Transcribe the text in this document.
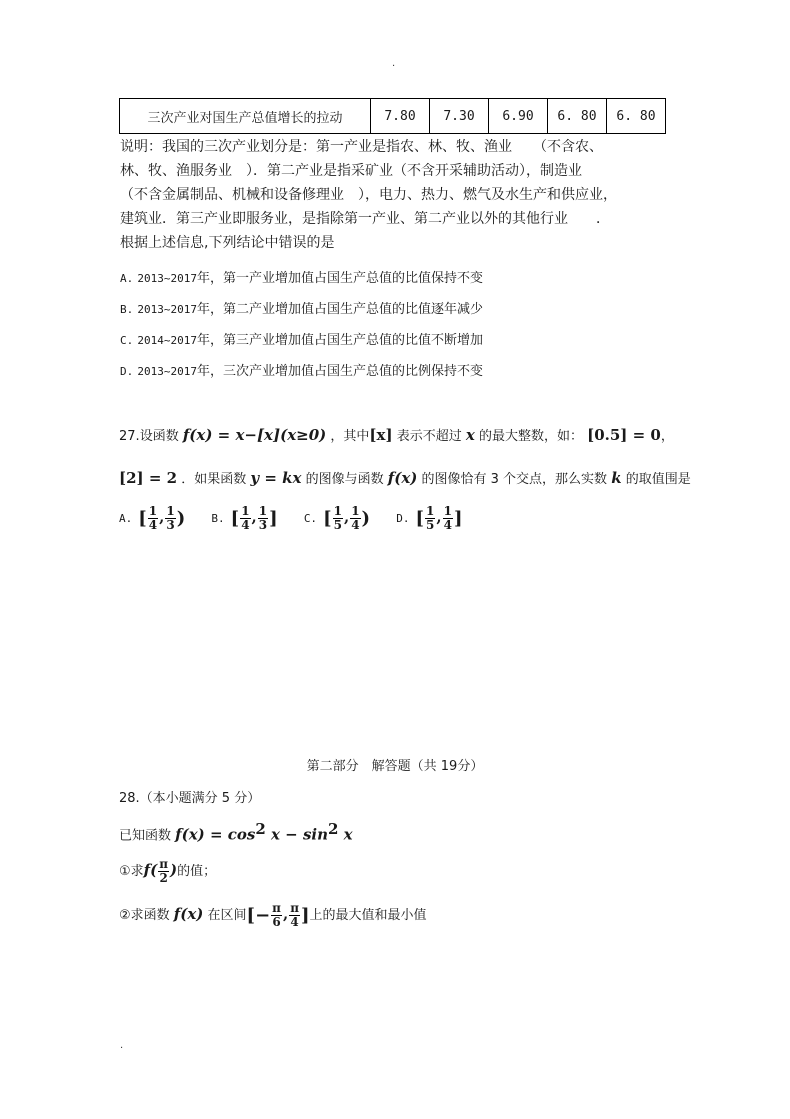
.
三次产业对国生产总值增长的拉动	7.80	7.30	6.90	6. 80	6. 80
说明：我国的三次产业划分是：第一产业是指农、林、牧、渔业　　（不含农、
林、牧、渔服务业　）．第二产业是指采矿业（不含开采辅助活动），制造业
（不含金属制品、机械和设备修理业　），电力、热力、燃气及水生产和供应业，
建筑业．第三产业即服务业，是指除第一产业、第二产业以外的其他行业　　．
根据上述信息,下列结论中错误的是
A. 2013~2017年，第一产业增加值占国生产总值的比值保持不变
B. 2013~2017年，第二产业增加值占国生产总值的比值逐年减少
C. 2014~2017年，第三产业增加值占国生产总值的比值不断增加
D. 2013~2017年，三次产业增加值占国生产总值的比例保持不变
27.设函数 f(x) = x−[x](x≥0) ，其中[x] 表示不超过 x 的最大整数，如： [0.5] = 0，
[2] = 2 ．如果函数 y = kx 的图像与函数 f(x) 的图像恰有 3 个交点，那么实数 k 的取值围是
A. [ $\frac{1}{4}$ , $\frac{1}{3}$ ) B. [ $\frac{1}{4}$ , $\frac{1}{3}$ ] C. [ $\frac{1}{5}$ , $\frac{1}{4}$ ) D. [ $\frac{1}{5}$ , $\frac{1}{4}$ ]
第二部分　解答题（共 19分）
28.（本小题满分 5 分）
已知函数 $f(x) = \cos^2 x - \sin^2 x$
①求$f( \frac{\pi}{2}$ )的值；
②求函数 f(x) 在区间[− $\frac{\pi}{6}$ , $\frac{\pi}{4}$ ]上的最大值和最小值
.
